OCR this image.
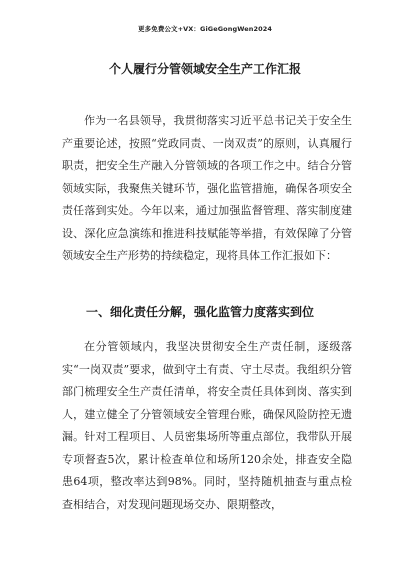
更多免费公文+VX：GiGeGongWen2024
个人履行分管领域安全生产工作汇报

作为一名县领导，我贯彻落实习近平总书记关于安全生产重要论述，按照“党政同责、一岗双责”的原则，认真履行职责，把安全生产融入分管领域的各项工作之中。结合分管领域实际，我聚焦关键环节，强化监管措施，确保各项安全责任落到实处。今年以来，通过加强监督管理、落实制度建设、深化应急演练和推进科技赋能等举措，有效保障了分管领域安全生产形势的持续稳定，现将具体工作汇报如下：

一、细化责任分解，强化监管力度落实到位

在分管领域内，我坚决贯彻安全生产责任制，逐级落实“一岗双责”要求，做到守土有责、守土尽责。我组织分管部门梳理安全生产责任清单，将安全责任具体到岗、落实到人，建立健全了分管领域安全管理台账，确保风险防控无遗漏。针对工程项目、人员密集场所等重点部位，我带队开展专项督查5次，累计检查单位和场所120余处，排查安全隐患64项，整改率达到98%。同时，坚持随机抽查与重点检查相结合，对发现问题现场交办、限期整改，
